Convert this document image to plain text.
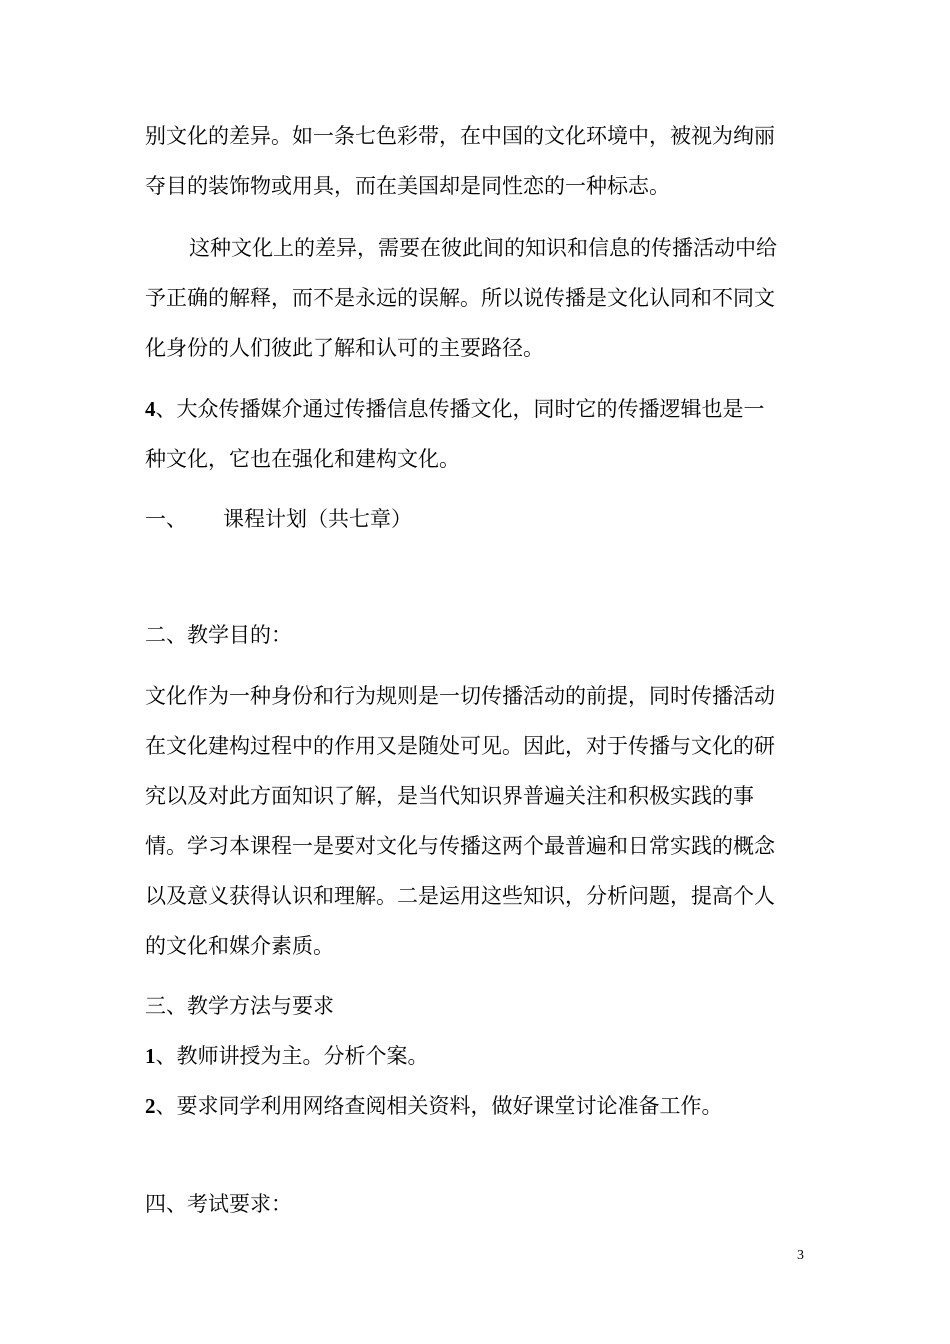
别文化的差异。如一条七色彩带，在中国的文化环境中，被视为绚丽
夺目的装饰物或用具，而在美国却是同性恋的一种标志。
这种文化上的差异，需要在彼此间的知识和信息的传播活动中给
予正确的解释，而不是永远的误解。所以说传播是文化认同和不同文
化身份的人们彼此了解和认可的主要路径。
4、大众传播媒介通过传播信息传播文化，同时它的传播逻辑也是一
种文化，它也在强化和建构文化。
一、 课程计划（共七章）
二、教学目的：
文化作为一种身份和行为规则是一切传播活动的前提，同时传播活动
在文化建构过程中的作用又是随处可见。因此，对于传播与文化的研
究以及对此方面知识了解，是当代知识界普遍关注和积极实践的事
情。学习本课程一是要对文化与传播这两个最普遍和日常实践的概念
以及意义获得认识和理解。二是运用这些知识，分析问题，提高个人
的文化和媒介素质。
三、教学方法与要求
1、教师讲授为主。分析个案。
2、要求同学利用网络查阅相关资料，做好课堂讨论准备工作。
四、考试要求：
3
